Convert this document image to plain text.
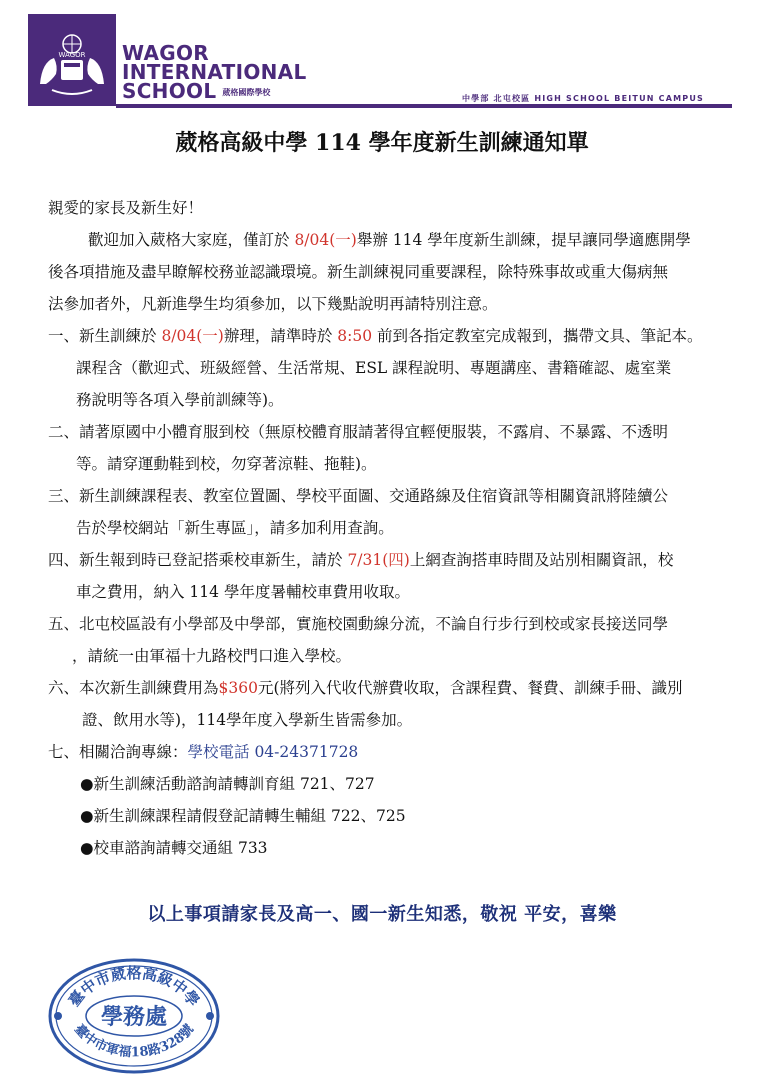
WAGOR WAGOR
INTERNATIONAL
SCHOOL 葳格國際學校
中學部 北屯校區 HIGH SCHOOL BEITUN CAMPUS
葳格高級中學 114 學年度新生訓練通知單
親愛的家長及新生好！
歡迎加入葳格大家庭，僅訂於 8/04(一)舉辦 114 學年度新生訓練，提早讓同學適應開學
後各項措施及盡早瞭解校務並認識環境。新生訓練視同重要課程，除特殊事故或重大傷病無
法參加者外，凡新進學生均須參加，以下幾點說明再請特別注意。
一、新生訓練於 8/04(一)辦理，請準時於 8:50 前到各指定教室完成報到，攜帶文具、筆記本。
課程含（歡迎式、班級經營、生活常規、ESL 課程說明、專題講座、書籍確認、處室業
務說明等各項入學前訓練等)。
二、請著原國中小體育服到校（無原校體育服請著得宜輕便服裝，不露肩、不暴露、不透明
等。請穿運動鞋到校，勿穿著涼鞋、拖鞋)。
三、新生訓練課程表、教室位置圖、學校平面圖、交通路線及住宿資訊等相關資訊將陸續公
告於學校網站「新生專區」，請多加利用查詢。
四、新生報到時已登記搭乘校車新生，請於 7/31(四)上網查詢搭車時間及站別相關資訊，校
車之費用，納入 114 學年度暑輔校車費用收取。
五、北屯校區設有小學部及中學部，實施校園動線分流，不論自行步行到校或家長接送同學
，請統一由軍福十九路校門口進入學校。
六、本次新生訓練費用為$360元(將列入代收代辦費收取，含課程費、餐費、訓練手冊、識別
證、飲用水等)，114學年度入學新生皆需參加。
七、相關洽詢專線：學校電話 04-24371728
●新生訓練活動諮詢請轉訓育組 721、727
●新生訓練課程請假登記請轉生輔組 722、725
●校車諮詢請轉交通組 733
以上事項請家長及高一、國一新生知悉，敬祝 平安，喜樂
臺中市葳格高級中學
學務處
臺中市軍福18路328號
